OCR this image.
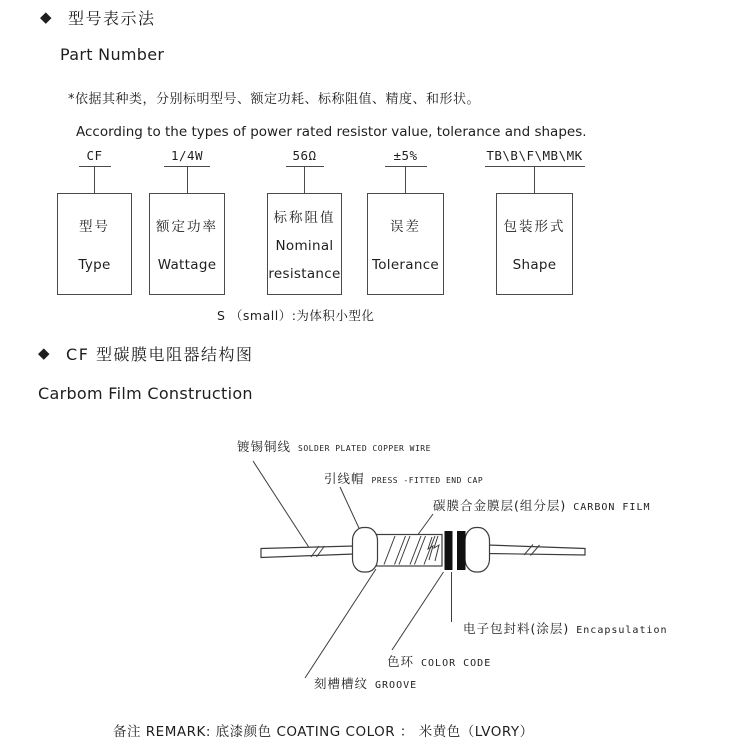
◆ 型号表示法
Part Number
*依据其种类，分别标明型号、额定功耗、标称阻值、精度、和形状。
According to the types of power rated resistor value, tolerance and shapes.
CF
型号
Type
1/4W
额定功率
Wattage
56Ω
标称阻值
Nominal
resistance
±5%
误差
Tolerance
TB\B\F\MB\MK
包装形式
Shape
S （small）:为体积小型化
◆ CF 型碳膜电阻器结构图
Carbom Film Construction
镀锡铜线 SOLDER PLATED COPPER WIRE
引线帽 PRESS -FITTED END CAP
碳膜合金膜层(组分层) CARBON FILM
电子包封料(涂层) Encapsulation
色环 COLOR CODE
刻槽槽纹 GROOVE
备注 REMARK: 底漆颜色 COATING COLOR ： 米黄色（LVORY）
